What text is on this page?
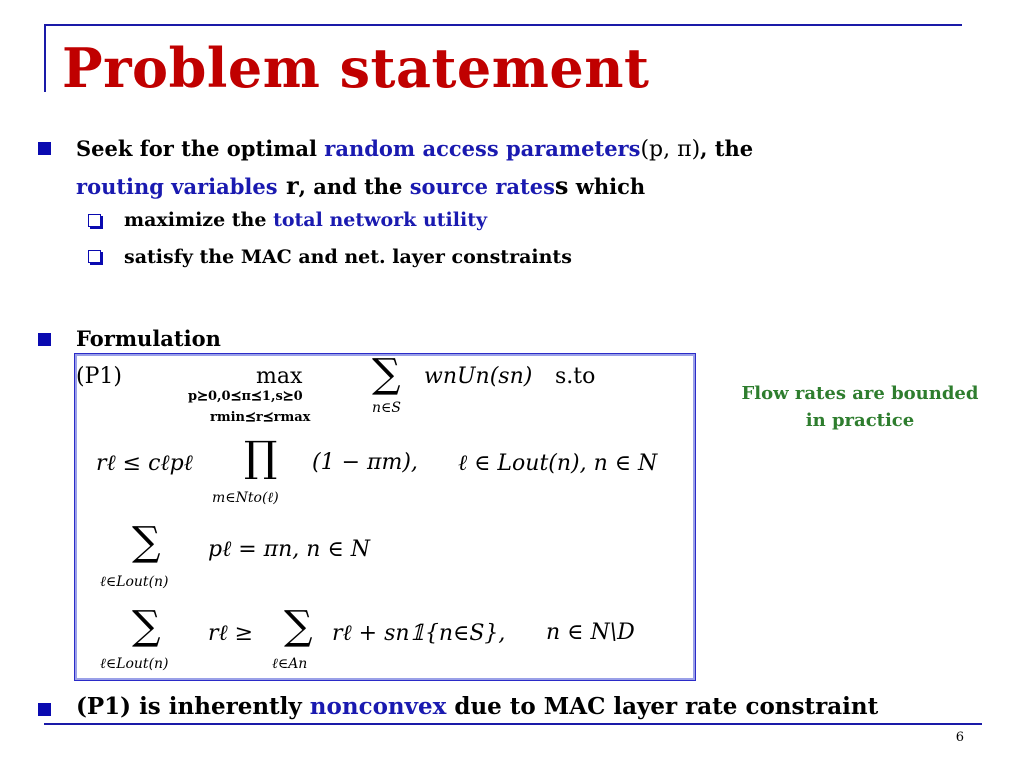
Problem statement
Seek for the optimal random access parameters(p, π), the
routing variables r, and the source ratess which
maximize the total network utility
satisfy the MAC and net. layer constraints
Formulation
(P1)	max
p⪰0,0⪯π⪯1,s⪰0
rmin⪯r⪯rmax
∑
n∈S
wnUn(sn) s.to
rℓ ≤ cℓpℓ ∏
m∈Nto(ℓ)
(1 − πm), ℓ ∈ Lout(n), n ∈ N
∑
ℓ∈Lout(n)
pℓ = πn, n ∈ N
∑
ℓ∈Lout(n)
rℓ ≥ ∑
ℓ∈An
rℓ + sn𝟙{n∈S}, n ∈ N\D
Flow rates are bounded
in practice
(P1) is inherently nonconvex due to MAC layer rate constraint
6
